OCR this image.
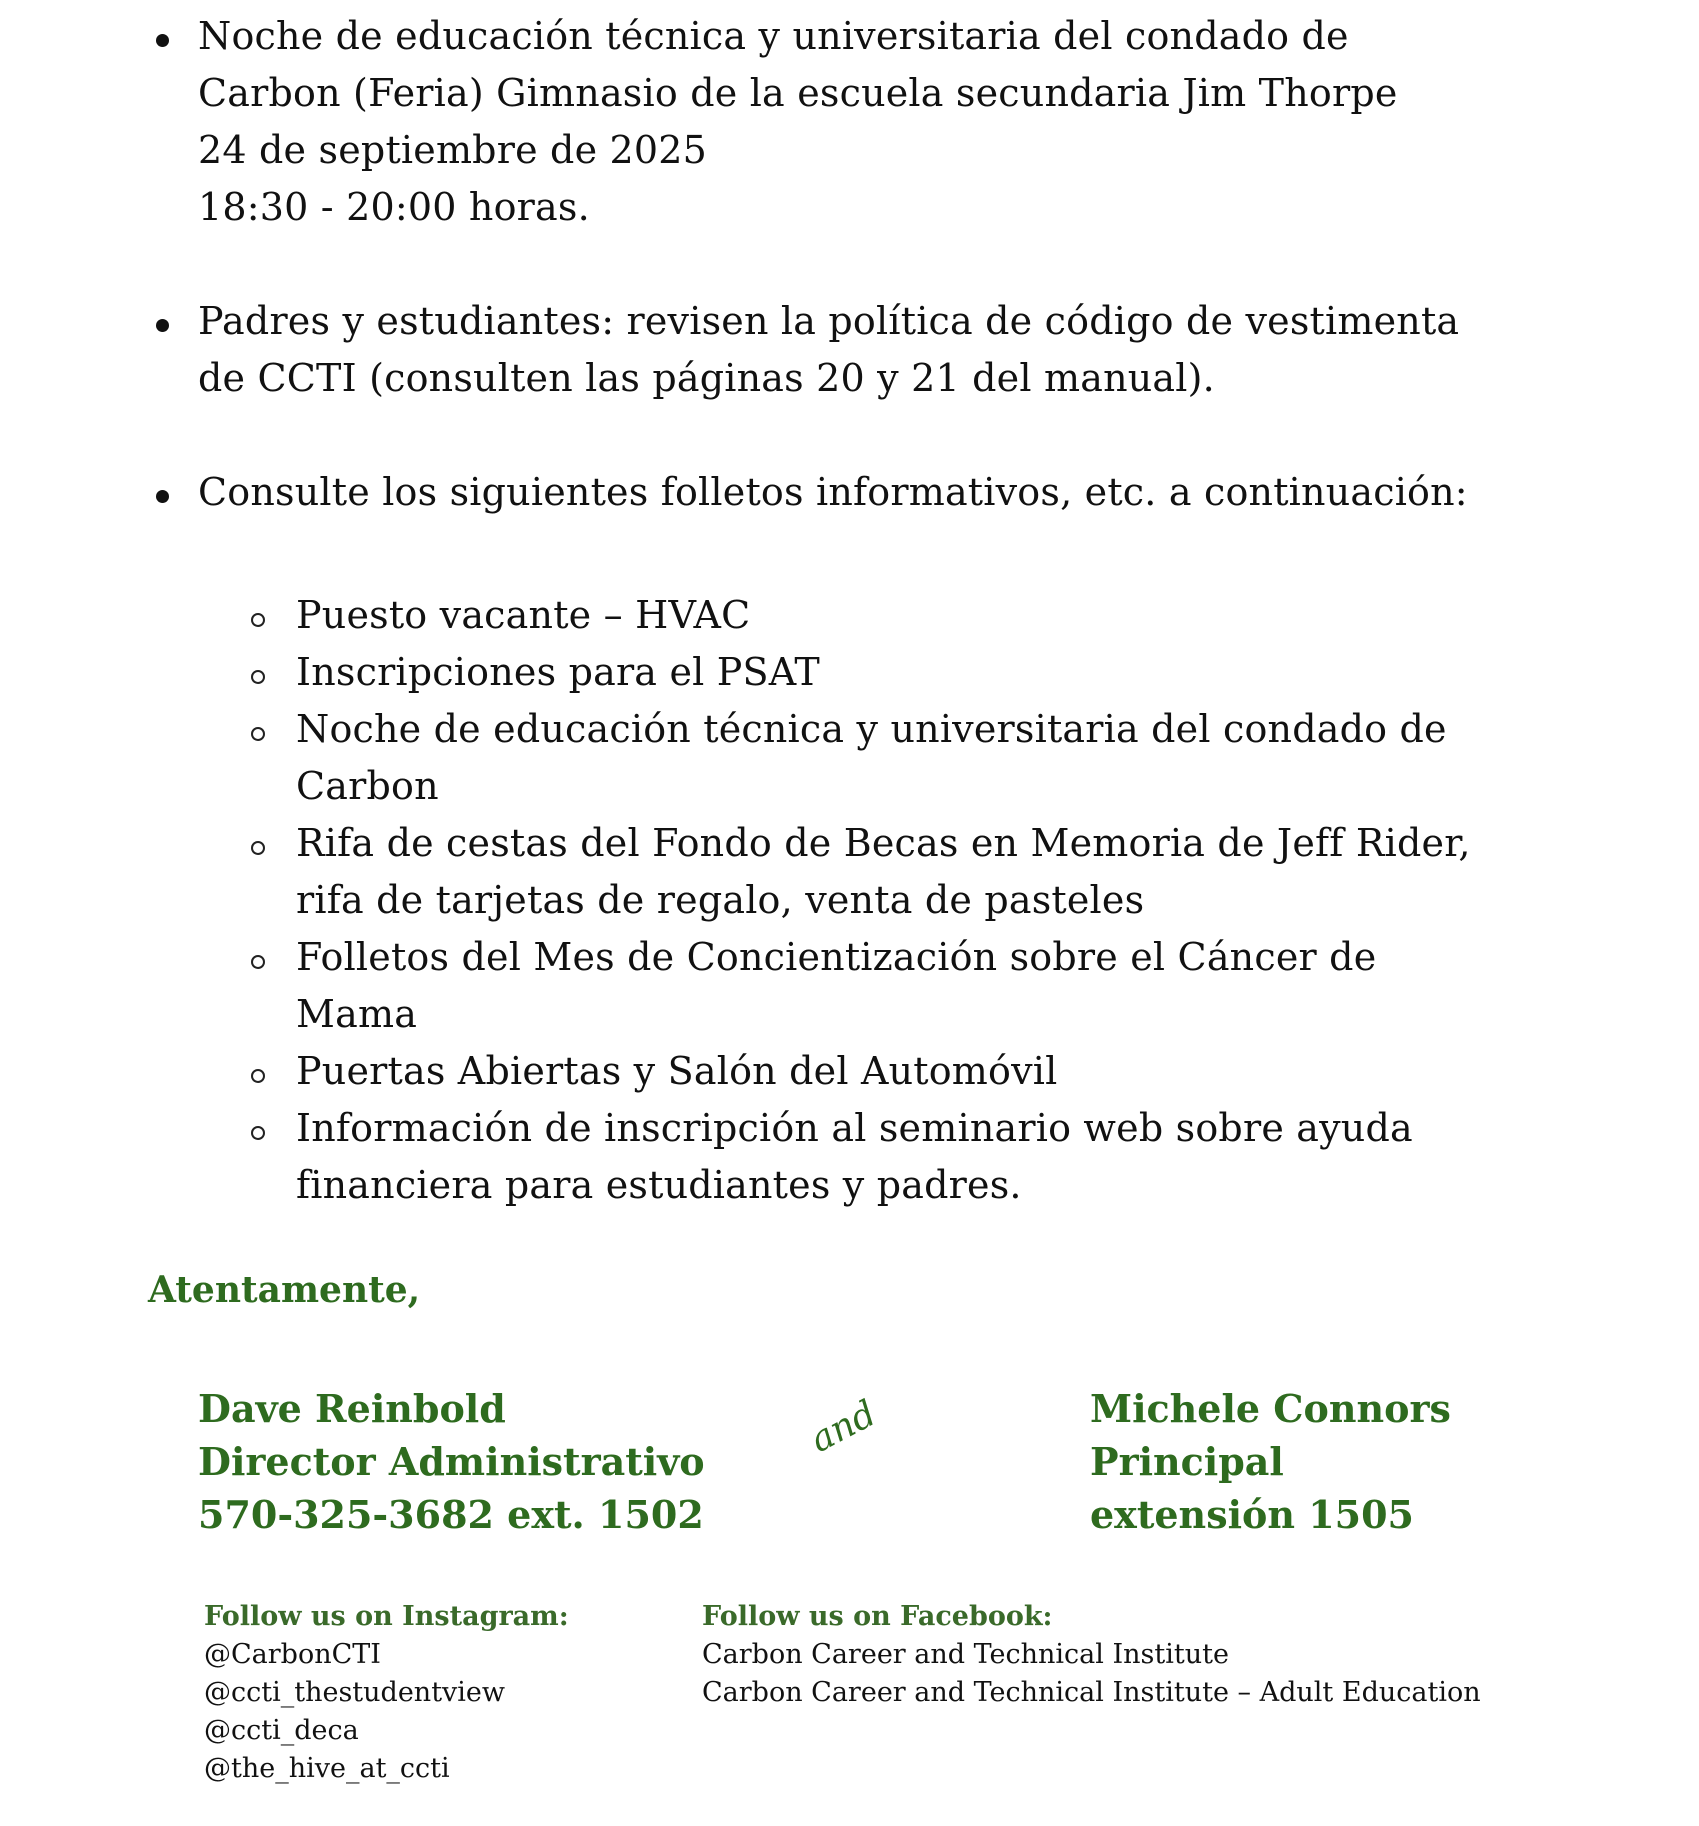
Noche de educación técnica y universitaria del condado de
Carbon (Feria) Gimnasio de la escuela secundaria Jim Thorpe
24 de septiembre de 2025
18:30 - 20:00 horas.
Padres y estudiantes: revisen la política de código de vestimenta
de CCTI (consulten las páginas 20 y 21 del manual).
Consulte los siguientes folletos informativos, etc. a continuación:
Puesto vacante – HVAC
Inscripciones para el PSAT
Noche de educación técnica y universitaria del condado de
Carbon
Rifa de cestas del Fondo de Becas en Memoria de Jeff Rider,
rifa de tarjetas de regalo, venta de pasteles
Folletos del Mes de Concientización sobre el Cáncer de
Mama
Puertas Abiertas y Salón del Automóvil
Información de inscripción al seminario web sobre ayuda
financiera para estudiantes y padres.
Atentamente,
Dave Reinbold
Director Administrativo
570-325-3682 ext. 1502
and	Michele Connors
Principal
extensión 1505
Follow us on Instagram:
@CarbonCTI
@ccti_thestudentview
@ccti_deca
@the_hive_at_ccti
Follow us on Facebook:
Carbon Career and Technical Institute
Carbon Career and Technical Institute – Adult Education
